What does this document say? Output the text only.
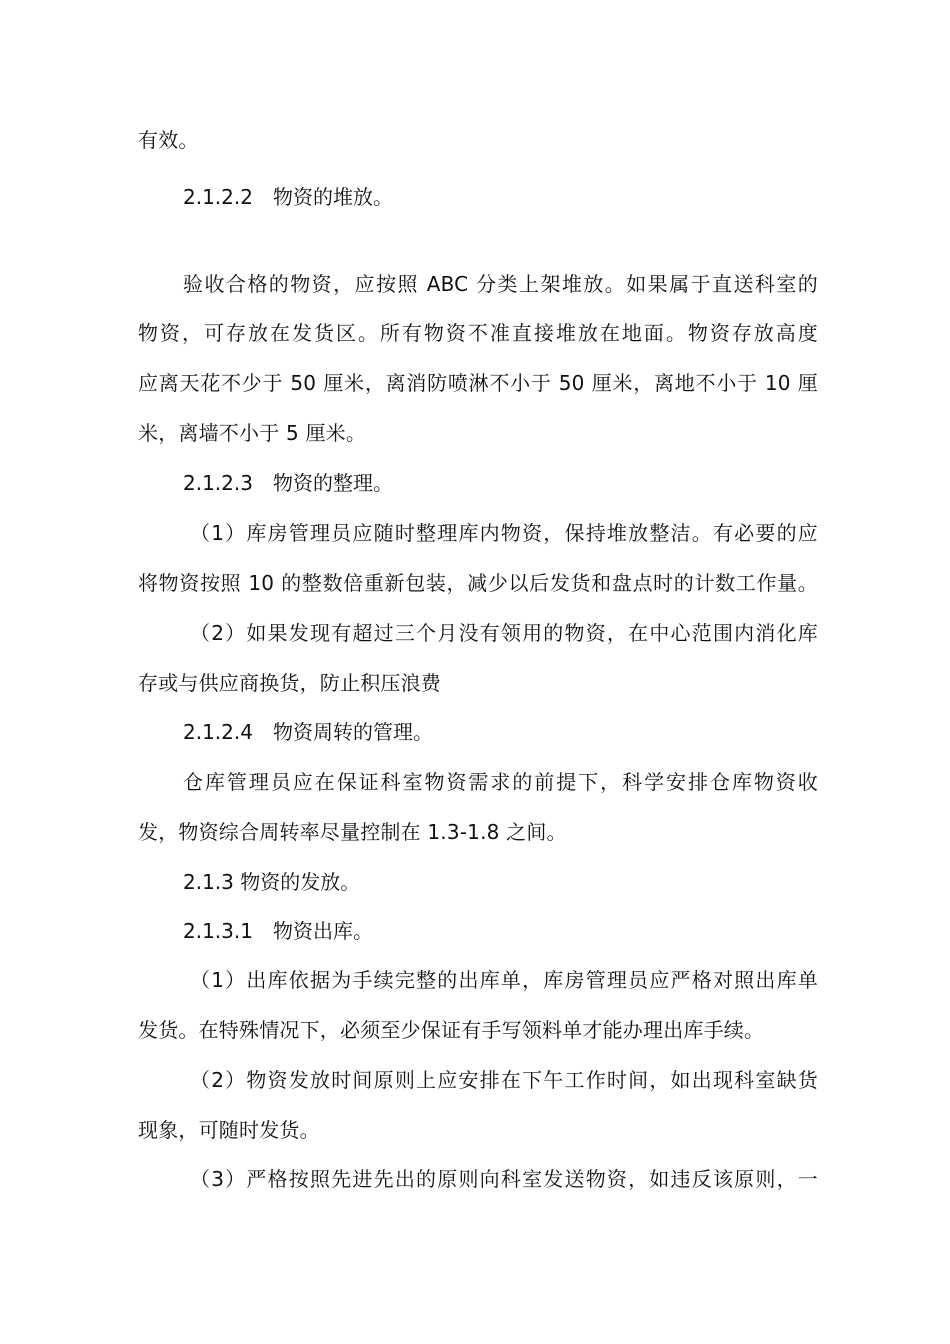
有效。
2.1.2.2 物资的堆放。
验收合格的物资，应按照 ABC 分类上架堆放。如果属于直送科室的
物资，可存放在发货区。所有物资不准直接堆放在地面。物资存放高度
应离天花不少于 50 厘米，离消防喷淋不小于 50 厘米，离地不小于 10 厘
米，离墙不小于 5 厘米。
2.1.2.3 物资的整理。
（1）库房管理员应随时整理库内物资，保持堆放整洁。有必要的应
将物资按照 10 的整数倍重新包装，减少以后发货和盘点时的计数工作量。
（2）如果发现有超过三个月没有领用的物资，在中心范围内消化库
存或与供应商换货，防止积压浪费
2.1.2.4 物资周转的管理。
仓库管理员应在保证科室物资需求的前提下，科学安排仓库物资收
发，物资综合周转率尽量控制在 1.3-1.8 之间。
2.1.3 物资的发放。
2.1.3.1 物资出库。
（1）出库依据为手续完整的出库单，库房管理员应严格对照出库单
发货。在特殊情况下，必须至少保证有手写领料单才能办理出库手续。
（2）物资发放时间原则上应安排在下午工作时间，如出现科室缺货
现象，可随时发货。
（3）严格按照先进先出的原则向科室发送物资，如违反该原则，一
